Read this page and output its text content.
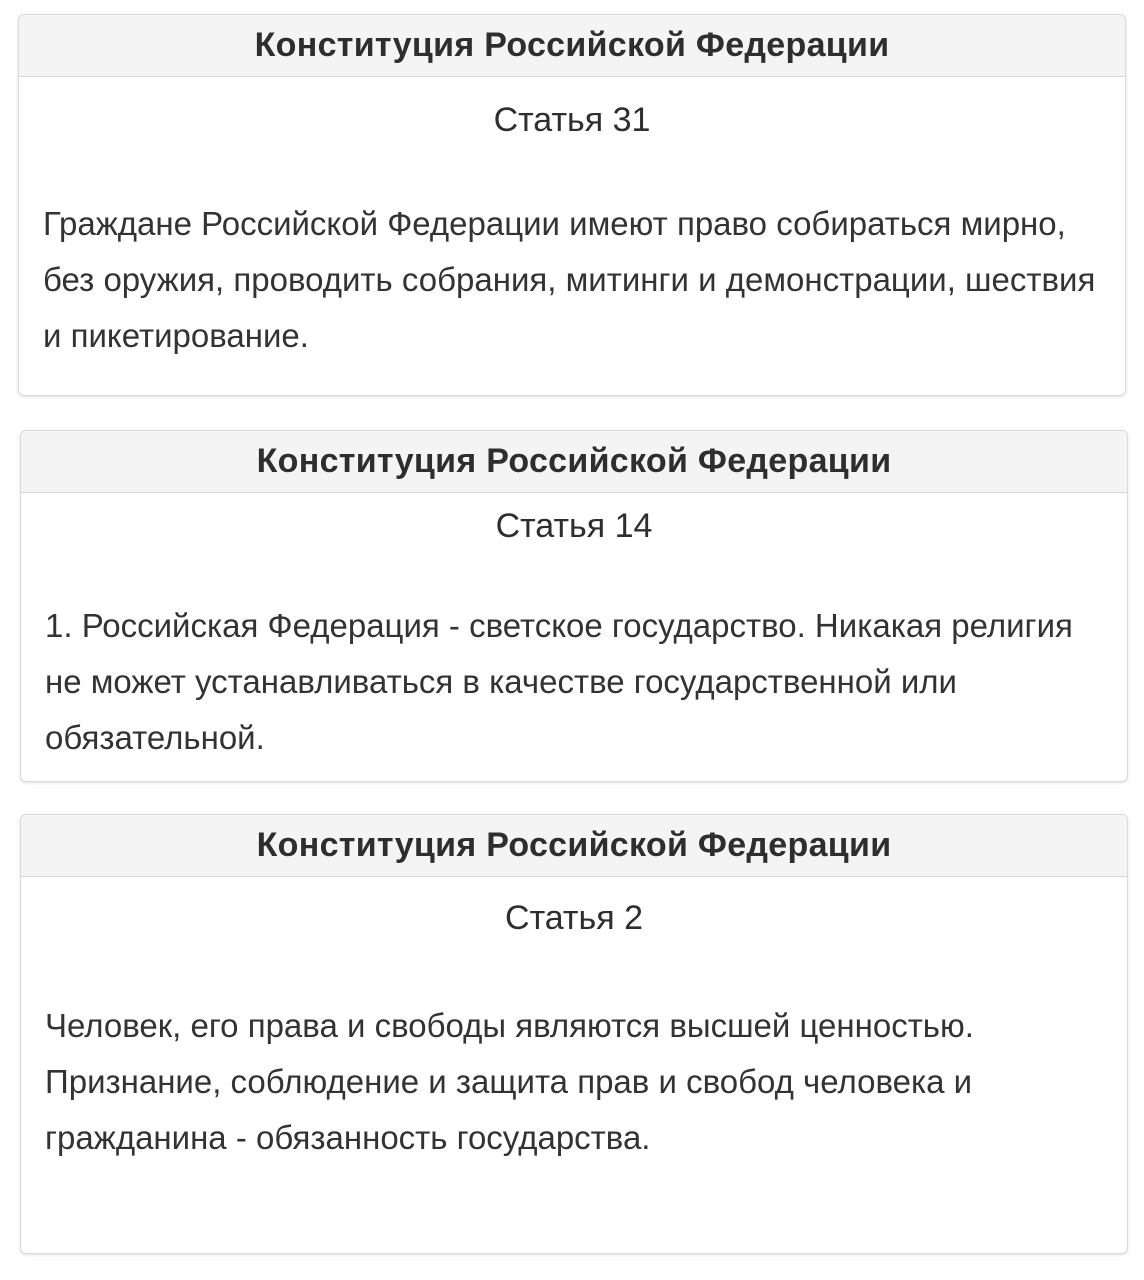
Конституция Российской Федерации
Статья 31
Граждане Российской Федерации имеют право собираться мирно, без оружия, проводить собрания, митинги и демонстрации, шествия и пикетирование.
Конституция Российской Федерации
Статья 14
1. Российская Федерация - светское государство. Никакая религия не может устанавливаться в качестве государственной или обязательной.
Конституция Российской Федерации
Статья 2
Человек, его права и свободы являются высшей ценностью. Признание, соблюдение и защита прав и свобод человека и гражданина - обязанность государства.
